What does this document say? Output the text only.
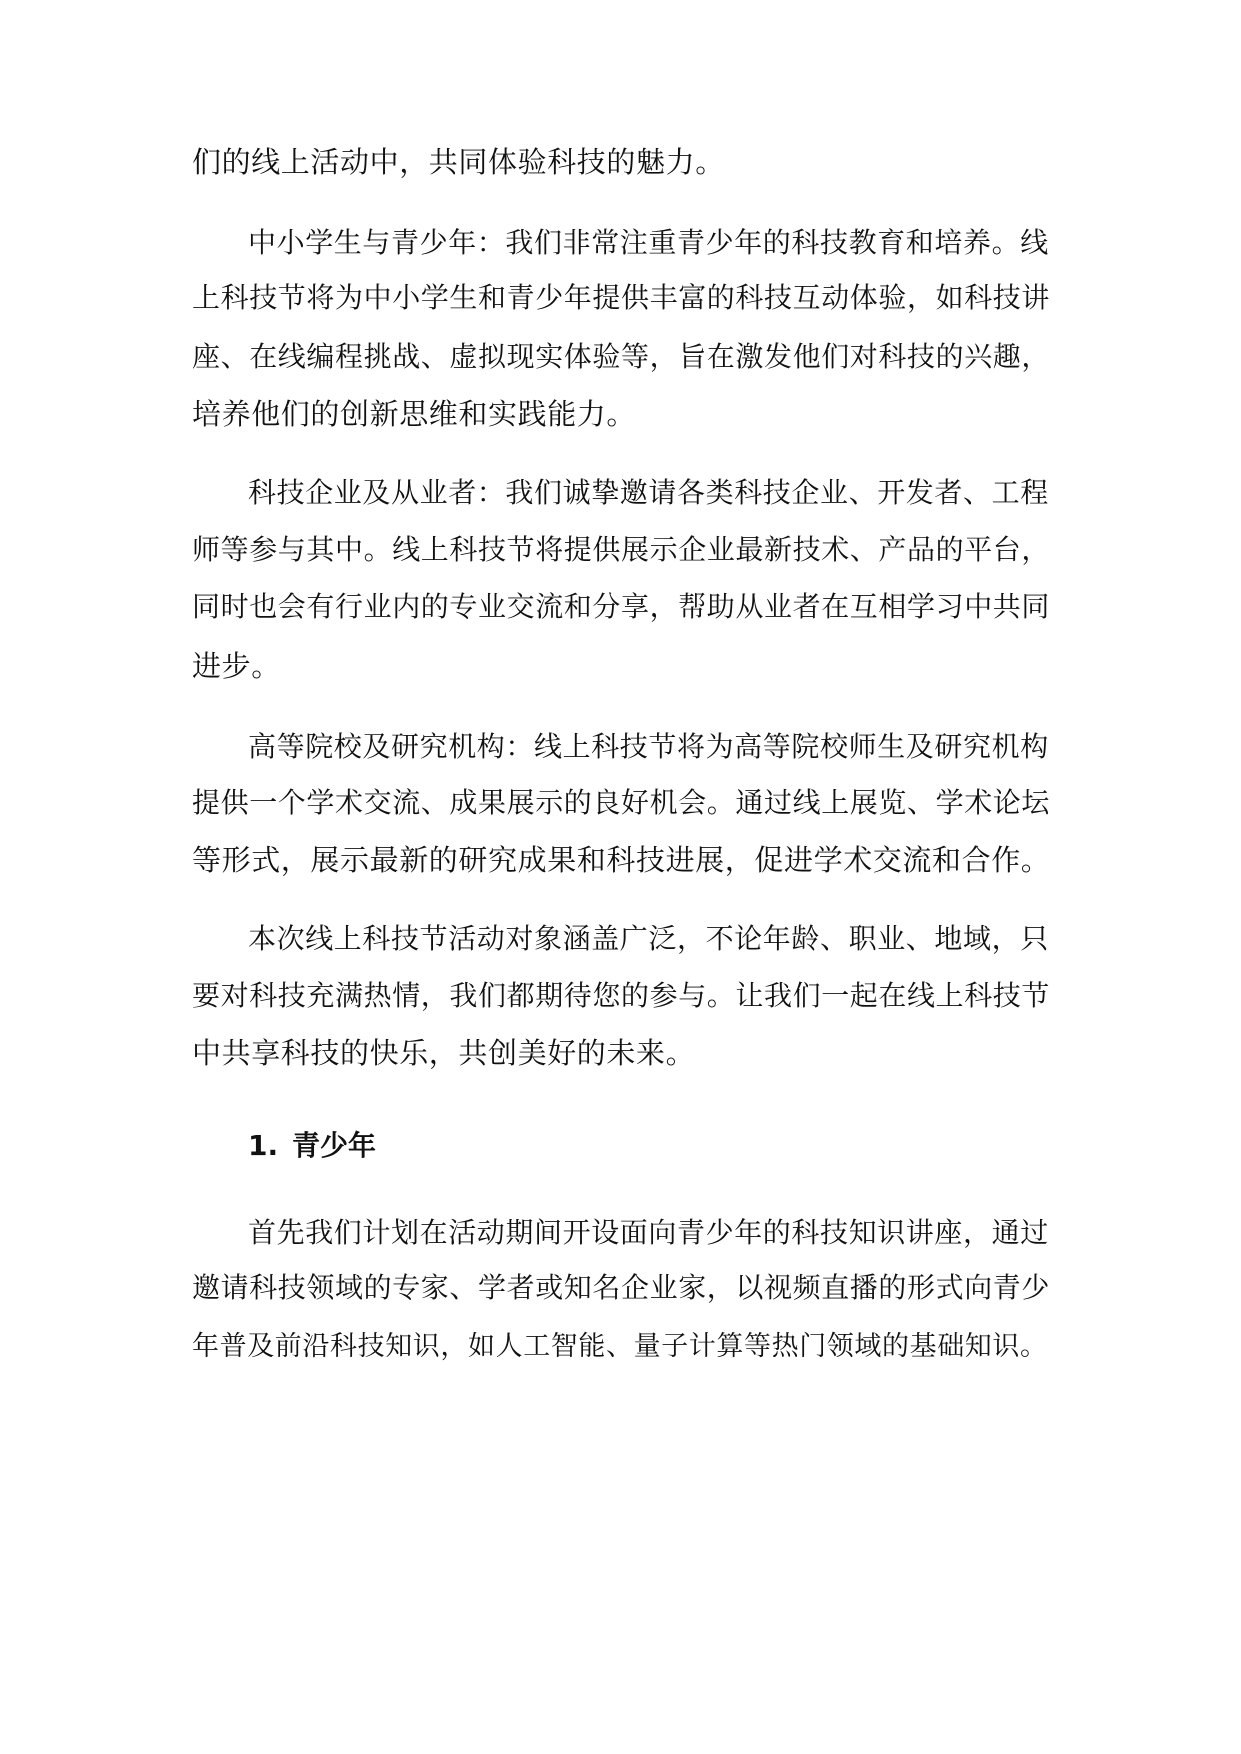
们的线上活动中，共同体验科技的魅力。

中小学生与青少年：我们非常注重青少年的科技教育和培养。线

上科技节将为中小学生和青少年提供丰富的科技互动体验，如科技讲

座、在线编程挑战、虚拟现实体验等，旨在激发他们对科技的兴趣，

培养他们的创新思维和实践能力。

科技企业及从业者：我们诚挚邀请各类科技企业、开发者、工程

师等参与其中。线上科技节将提供展示企业最新技术、产品的平台，

同时也会有行业内的专业交流和分享，帮助从业者在互相学习中共同

进步。

高等院校及研究机构：线上科技节将为高等院校师生及研究机构

提供一个学术交流、成果展示的良好机会。通过线上展览、学术论坛

等形式，展示最新的研究成果和科技进展，促进学术交流和合作。

本次线上科技节活动对象涵盖广泛，不论年龄、职业、地域，只

要对科技充满热情，我们都期待您的参与。让我们一起在线上科技节

中共享科技的快乐，共创美好的未来。

1. 青少年

首先我们计划在活动期间开设面向青少年的科技知识讲座，通过

邀请科技领域的专家、学者或知名企业家，以视频直播的形式向青少

年普及前沿科技知识，如人工智能、量子计算等热门领域的基础知识。
